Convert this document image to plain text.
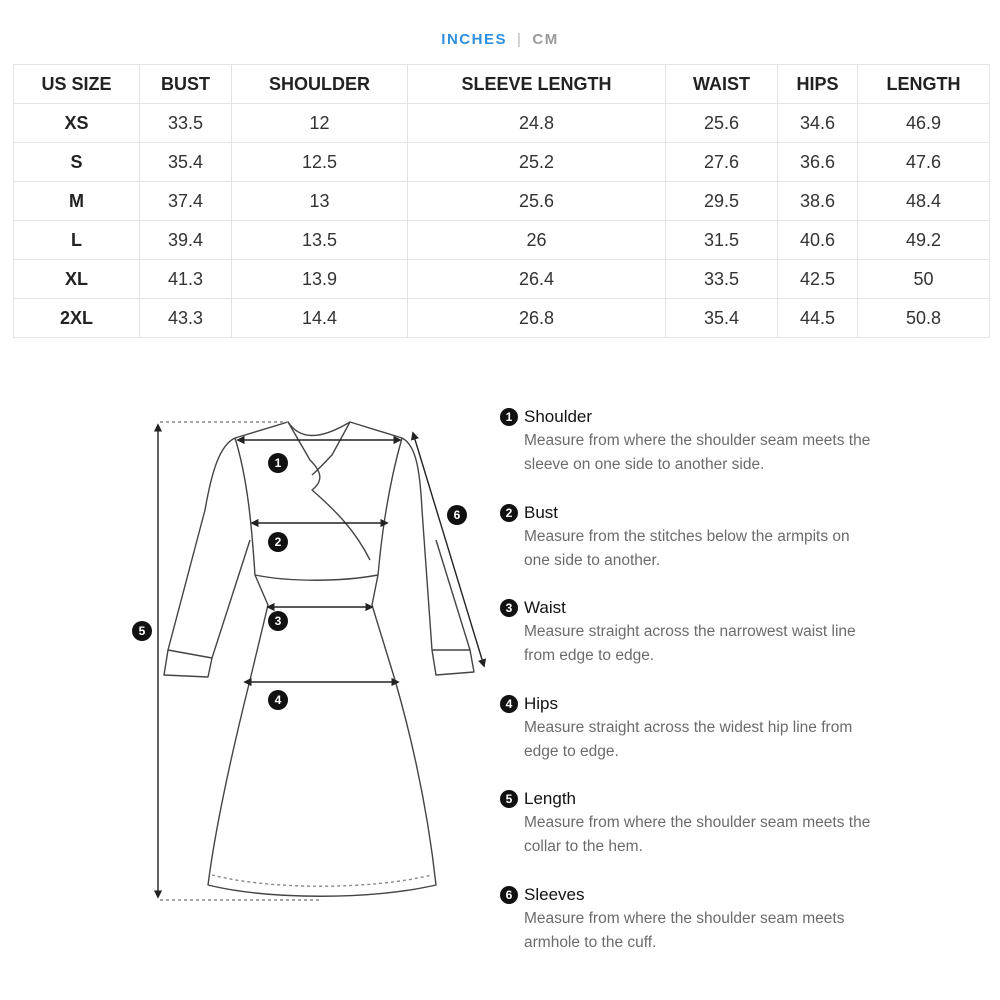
INCHES | CM
US SIZE	BUST	SHOULDER	SLEEVE LENGTH	WAIST	HIPS	LENGTH
XS	33.5	12	24.8	25.6	34.6	46.9
S	35.4	12.5	25.2	27.6	36.6	47.6
M	37.4	13	25.6	29.5	38.6	48.4
L	39.4	13.5	26	31.5	40.6	49.2
XL	41.3	13.9	26.4	33.5	42.5	50
2XL	43.3	14.4	26.8	35.4	44.5	50.8
1
2
3
4
5
6
1 Shoulder
Measure from where the shoulder seam meets the sleeve on one side to another side.
2 Bust
Measure from the stitches below the armpits on one side to another.
3 Waist
Measure straight across the narrowest waist line from edge to edge.
4 Hips
Measure straight across the widest hip line from edge to edge.
5 Length
Measure from where the shoulder seam meets the collar to the hem.
6 Sleeves
Measure from where the shoulder seam meets armhole to the cuff.
